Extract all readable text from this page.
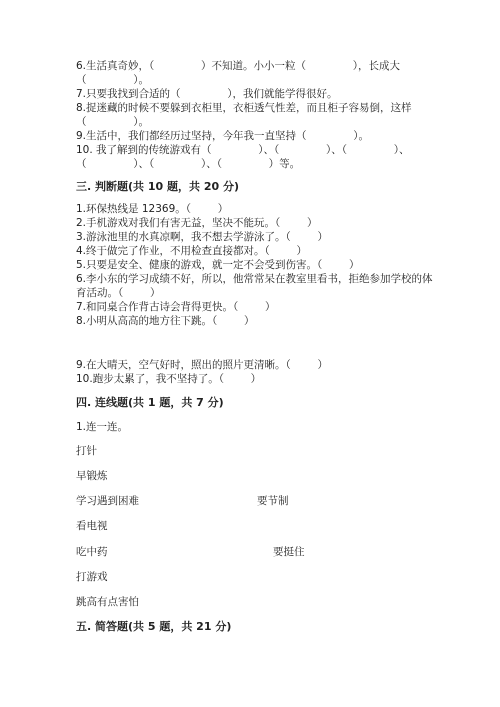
6.生活真奇妙，（              ）不知道。小小一粒（              ），长成大
（              ）。
7.只要我找到合适的（              ），我们就能学得很好。
8.捉迷藏的时候不要躲到衣柜里，衣柜透气性差，而且柜子容易倒，这样
（              ）。
9.生活中，我们都经历过坚持，今年我一直坚持（              ）。
10. 我了解到的传统游戏有（              ）、（              ）、（              ）、
（              ）、（              ）、（              ）等。
三. 判断题(共 10 题，共 20 分)
1.环保热线是 12369。（        ）
2.手机游戏对我们有害无益，坚决不能玩。（        ）
3.游泳池里的水真凉啊，我不想去学游泳了。（        ）
4.终于做完了作业，不用检查直接都对。（        ）
5.只要是安全、健康的游戏，就一定不会受到伤害。（        ）
6.李小东的学习成绩不好，所以，他常常呆在教室里看书，拒绝参加学校的体
育活动。（        ）
7.和同桌合作背古诗会背得更快。（        ）
8.小明从高高的地方往下跳。（        ）
9.在大晴天，空气好时，照出的照片更清晰。（        ）
10.跑步太累了，我不坚持了。（        ）
四. 连线题(共 1 题，共 7 分)
1.连一连。
打针
早锻炼
学习遇到困难	要节制
看电视
吃中药	要挺住
打游戏
跳高有点害怕
五. 简答题(共 5 题，共 21 分)
